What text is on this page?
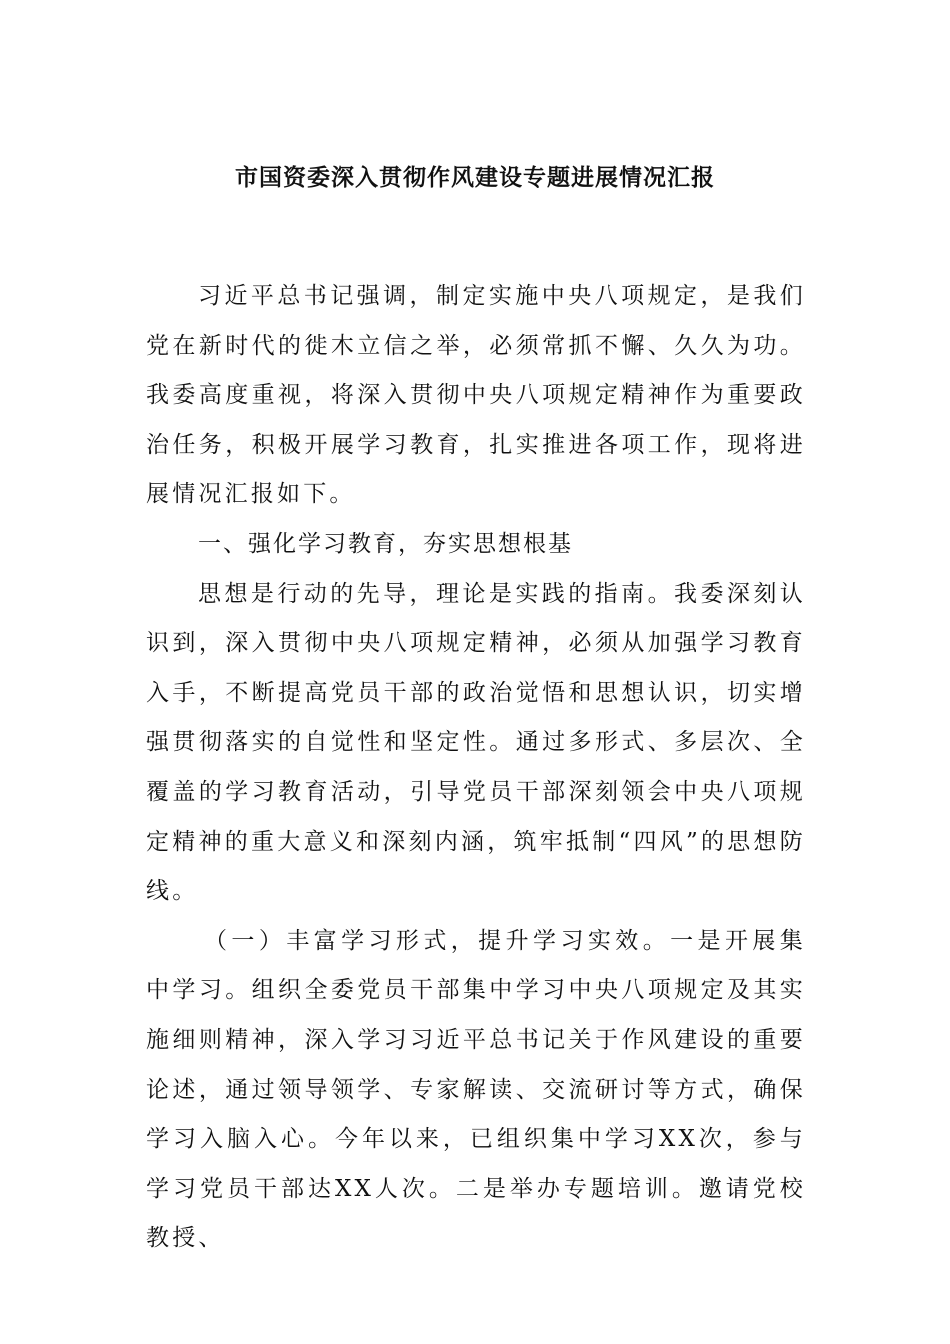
市国资委深入贯彻作风建设专题进展情况汇报

习近平总书记强调，制定实施中央八项规定，是我们党在新时代的徙木立信之举，必须常抓不懈、久久为功。我委高度重视，将深入贯彻中央八项规定精神作为重要政治任务，积极开展学习教育，扎实推进各项工作，现将进展情况汇报如下。

一、强化学习教育，夯实思想根基

思想是行动的先导，理论是实践的指南。我委深刻认识到，深入贯彻中央八项规定精神，必须从加强学习教育入手，不断提高党员干部的政治觉悟和思想认识，切实增强贯彻落实的自觉性和坚定性。通过多形式、多层次、全覆盖的学习教育活动，引导党员干部深刻领会中央八项规定精神的重大意义和深刻内涵，筑牢抵制“四风”的思想防线。

（一）丰富学习形式，提升学习实效。一是开展集中学习。组织全委党员干部集中学习中央八项规定及其实施细则精神，深入学习习近平总书记关于作风建设的重要论述，通过领导领学、专家解读、交流研讨等方式，确保学习入脑入心。今年以来，已组织集中学习XX次，参与学习党员干部达XX人次。二是举办专题培训。邀请党校教授、
